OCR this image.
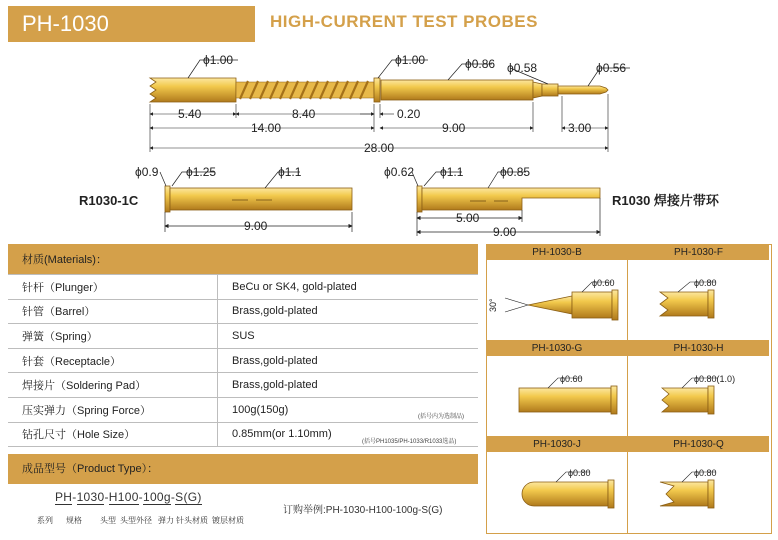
PH-1030	HIGH-CURRENT TEST PROBES
ϕ1.00	ϕ1.00	ϕ0.86 ϕ0.58	ϕ0.56
5.40	8.40	0.20
14.00	9.00	3.00
28.00
R1030-1C
ϕ0.9 ϕ1.25	ϕ1.1
9.00
ϕ0.62 ϕ1.1	ϕ0.85
5.00
9.00
R1030 焊接片带环
ϕ0.60
30°
ϕ0.80
ϕ0.60	ϕ0.80(1.0)
ϕ0.80	ϕ0.80
材质(Materials)：	
针杆（Plunger）	BeCu or SK4, gold-plated
针管（Barrel）	Brass,gold-plated
弹簧（Spring）	SUS
针套（Receptacle）	Brass,gold-plated
焊接片（Soldering Pad）	Brass,gold-plated
压实弹力（Spring Force）	100g(150g)
钻孔尺寸（Hole Size）	0.85mm(or 1.10mm)
(括号内为选制品)
(括号PH1035/PH-1033/R1033选品)
成品型号（Product Type）：
PH-1030-H100-100g-S(G)
系列 规格 头型 头型外径 弹力 针头材质 镀层材质
订购举例:PH-1030-H100-100g-S(G)
PH-1030-B	PH-1030-F
PH-1030-G	PH-1030-H
PH-1030-J	PH-1030-Q
